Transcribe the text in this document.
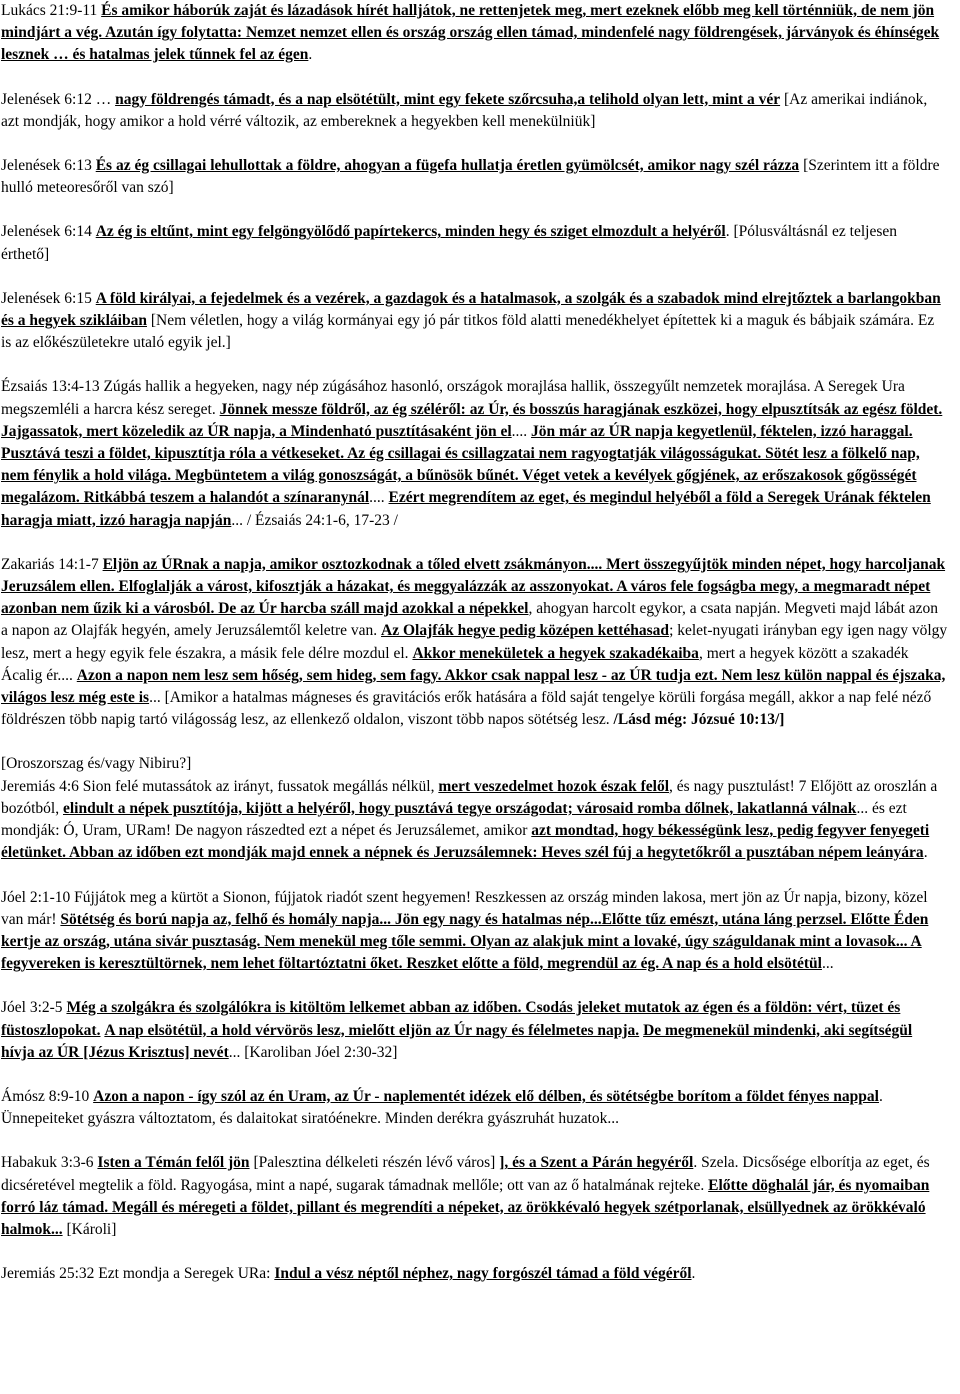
Lukács 21:9-11 És amikor háborúk zaját és lázadások hírét halljátok, ne rettenjetek meg, mert ezeknek előbb meg kell történniük, de nem jön mindjárt a vég. Azután így folytatta: Nemzet nemzet ellen és ország ország ellen támad, mindenfelé nagy földrengések, járványok és éhínségek lesznek … és hatalmas jelek tűnnek fel az égen.

Jelenések 6:12 … nagy földrengés támadt, és a nap elsötétült, mint egy fekete szőrcsuha,a telihold olyan lett, mint a vér [Az amerikai indiánok, azt mondják, hogy amikor a hold vérré változik, az embereknek a hegyekben kell menekülniük]

Jelenések 6:13 És az ég csillagai lehullottak a földre, ahogyan a fügefa hullatja éretlen gyümölcsét, amikor nagy szél rázza [Szerintem itt a földre hulló meteoresőről van szó]

Jelenések 6:14 Az ég is eltűnt, mint egy felgöngyölődő papírtekercs, minden hegy és sziget elmozdult a helyéről. [Pólusváltásnál ez teljesen érthető]

Jelenések 6:15 A föld királyai, a fejedelmek és a vezérek, a gazdagok és a hatalmasok, a szolgák és a szabadok mind elrejtőztek a barlangokban és a hegyek szikláiban [Nem véletlen, hogy a világ kormányai egy jó pár titkos föld alatti menedékhelyet építettek ki a maguk és bábjaik számára. Ez is az előkészületekre utaló egyik jel.]

Ézsaiás 13:4-13 Zúgás hallik a hegyeken, nagy nép zúgásához hasonló, országok morajlása hallik, összegyűlt nemzetek morajlása. A Seregek Ura megszemléli a harcra kész sereget. Jönnek messze földről, az ég széléről: az Úr, és bosszús haragjának eszközei, hogy elpusztítsák az egész földet. Jajgassatok, mert közeledik az ÚR napja, a Mindenható pusztításaként jön el.... Jön már az ÚR napja kegyetlenül, féktelen, izzó haraggal. Pusztává teszi a földet, kipusztítja róla a vétkeseket. Az ég csillagai és csillagzatai nem ragyogtatják világosságukat. Sötét lesz a fölkelő nap, nem fénylik a hold világa. Megbüntetem a világ gonoszságát, a bűnösök bűnét. Véget vetek a kevélyek gőgjének, az erőszakosok gőgösségét megalázom. Ritkábbá teszem a halandót a színaranynál.... Ezért megrendítem az eget, és megindul helyéből a föld a Seregek Urának féktelen haragja miatt, izzó haragja napján... / Ézsaiás 24:1-6, 17-23 /

Zakariás 14:1-7 Eljön az ÚRnak a napja, amikor osztozkodnak a tőled elvett zsákmányon.... Mert összegyűjtök minden népet, hogy harcoljanak Jeruzsálem ellen. Elfoglalják a várost, kifosztják a házakat, és meggyalázzák az asszonyokat. A város fele fogságba megy, a megmaradt népet azonban nem űzik ki a városból. De az Úr harcba száll majd azokkal a népekkel, ahogyan harcolt egykor, a csata napján. Megveti majd lábát azon a napon az Olajfák hegyén, amely Jeruzsálemtől keletre van. Az Olajfák hegye pedig középen kettéhasad; kelet-nyugati irányban egy igen nagy völgy lesz, mert a hegy egyik fele északra, a másik fele délre mozdul el. Akkor menekületek a hegyek szakadékaiba, mert a hegyek között a szakadék Ácalig ér.... Azon a napon nem lesz sem hőség, sem hideg, sem fagy. Akkor csak nappal lesz - az ÚR tudja ezt. Nem lesz külön nappal és éjszaka, világos lesz még este is... [Amikor a hatalmas mágneses és gravitációs erők hatására a föld saját tengelye körüli forgása megáll, akkor a nap felé néző földrészen több napig tartó világosság lesz, az ellenkező oldalon, viszont több napos sötétség lesz. /Lásd még: Józsué 10:13/]

[Oroszorszag és/vagy Nibiru?]

Jeremiás 4:6 Sion felé mutassátok az irányt, fussatok megállás nélkül, mert veszedelmet hozok észak felől, és nagy pusztulást! 7 Előjött az oroszlán a bozótból, elindult a népek pusztítója, kijött a helyéről, hogy pusztává tegye országodat; városaid romba dőlnek, lakatlanná válnak... és ezt mondják: Ó, Uram, URam! De nagyon rászedted ezt a népet és Jeruzsálemet, amikor azt mondtad, hogy békességünk lesz, pedig fegyver fenyegeti életünket. Abban az időben ezt mondják majd ennek a népnek és Jeruzsálemnek: Heves szél fúj a hegytetőkről a pusztában népem leányára.

Jóel 2:1-10 Fújjátok meg a kürtöt a Sionon, fújjatok riadót szent hegyemen! Reszkessen az ország minden lakosa, mert jön az Úr napja, bizony, közel van már! Sötétség és ború napja az, felhő és homály napja... Jön egy nagy és hatalmas nép...Előtte tűz emészt, utána láng perzsel. Előtte Éden kertje az ország, utána sivár pusztaság. Nem menekül meg tőle semmi. Olyan az alakjuk mint a lovaké, úgy száguldanak mint a lovasok... A fegyvereken is keresztültörnek, nem lehet föltartóztatni őket. Reszket előtte a föld, megrendül az ég. A nap és a hold elsötétül...

Jóel 3:2-5 Még a szolgákra és szolgálókra is kitöltöm lelkemet abban az időben. Csodás jeleket mutatok az égen és a földön: vért, tüzet és füstoszlopokat. A nap elsötétül, a hold vérvörös lesz, mielőtt eljön az Úr nagy és félelmetes napja. De megmenekül mindenki, aki segítségül hívja az ÚR [Jézus Krisztus] nevét... [Karoliban Jóel 2:30-32]

Ámósz 8:9-10 Azon a napon - így szól az én Uram, az Úr - naplementét idézek elő délben, és sötétségbe borítom a földet fényes nappal. Ünnepeiteket gyászra változtatom, és dalaitokat siratóénekre. Minden derékra gyászruhát huzatok...

Habakuk 3:3-6 Isten a Témán felől jön [Palesztina délkeleti részén lévő város] ], és a Szent a Párán hegyéről. Szela. Dicsősége elborítja az eget, és dicséretével megtelik a föld. Ragyogása, mint a napé, sugarak támadnak mellőle; ott van az ő hatalmának rejteke. Előtte döghalál jár, és nyomaiban forró láz támad. Megáll és méregeti a földet, pillant és megrendíti a népeket, az örökkévaló hegyek szétporlanak, elsüllyednek az örökkévaló halmok... [Károli]

Jeremiás 25:32 Ezt mondja a Seregek URa: Indul a vész néptől néphez, nagy forgószél támad a föld végéről.
